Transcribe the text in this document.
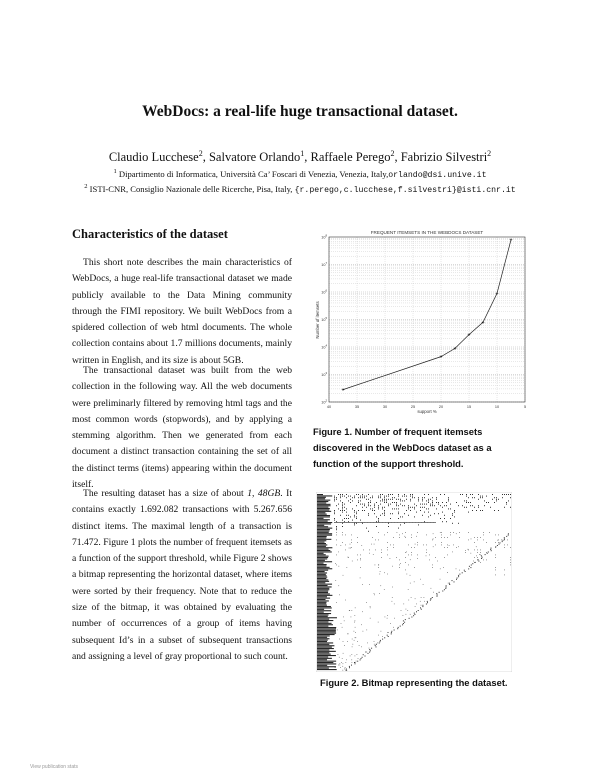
WebDocs: a real-life huge transactional dataset.
Claudio Lucchese$^2$, Salvatore Orlando$^1$, Raffaele Perego$^2$, Fabrizio Silvestri$^2$
$^1$ Dipartimento di Informatica, Università Ca’ Foscari di Venezia, Venezia, Italy,orlando@dsi.unive.it
$^2$ ISTI-CNR, Consiglio Nazionale delle Ricerche, Pisa, Italy, {r.perego,c.lucchese,f.silvestri}@isti.cnr.it
Characteristics of the dataset
This short note describes the main characteristics of WebDocs, a huge real-life transactional dataset we made publicly available to the Data Mining community through the FIMI repository. We built WebDocs from a spidered collection of web html documents. The whole collection contains about 1.7 millions documents, mainly written in English, and its size is about 5GB.
The transactional dataset was built from the web collection in the following way. All the web documents were preliminarly filtered by removing html tags and the most common words (stopwords), and by applying a stemming algorithm. Then we generated from each document a distinct transaction containing the set of all the distinct terms (items) appearing within the document itself.
The resulting dataset has a size of about 1, 48GB. It contains exactly 1.692.082 transactions with 5.267.656 distinct items. The maximal length of a transaction is 71.472. Figure 1 plots the number of frequent itemsets as a function of the support threshold, while Figure 2 shows a bitmap representing the horizontal dataset, where items were sorted by their frequency. Note that to reduce the size of the bitmap, it was obtained by evaluating the number of occurrences of a group of items having subsequent Id’s in a subset of subsequent transactions and assigning a level of gray proportional to such count.
FREQUENT ITEMSETS IN THE WEBDOCS DATASET
40	35	30	25	20	15	10	5
$10^2$
$10^3$
$10^4$
$10^5$
$10^6$
$10^7$
$10^8$
support %
Number of itemsets
Figure 1. Number of frequent itemsets discovered in the WebDocs dataset as a function of the support threshold.
Figure 2. Bitmap representing the dataset.
View publication stats
